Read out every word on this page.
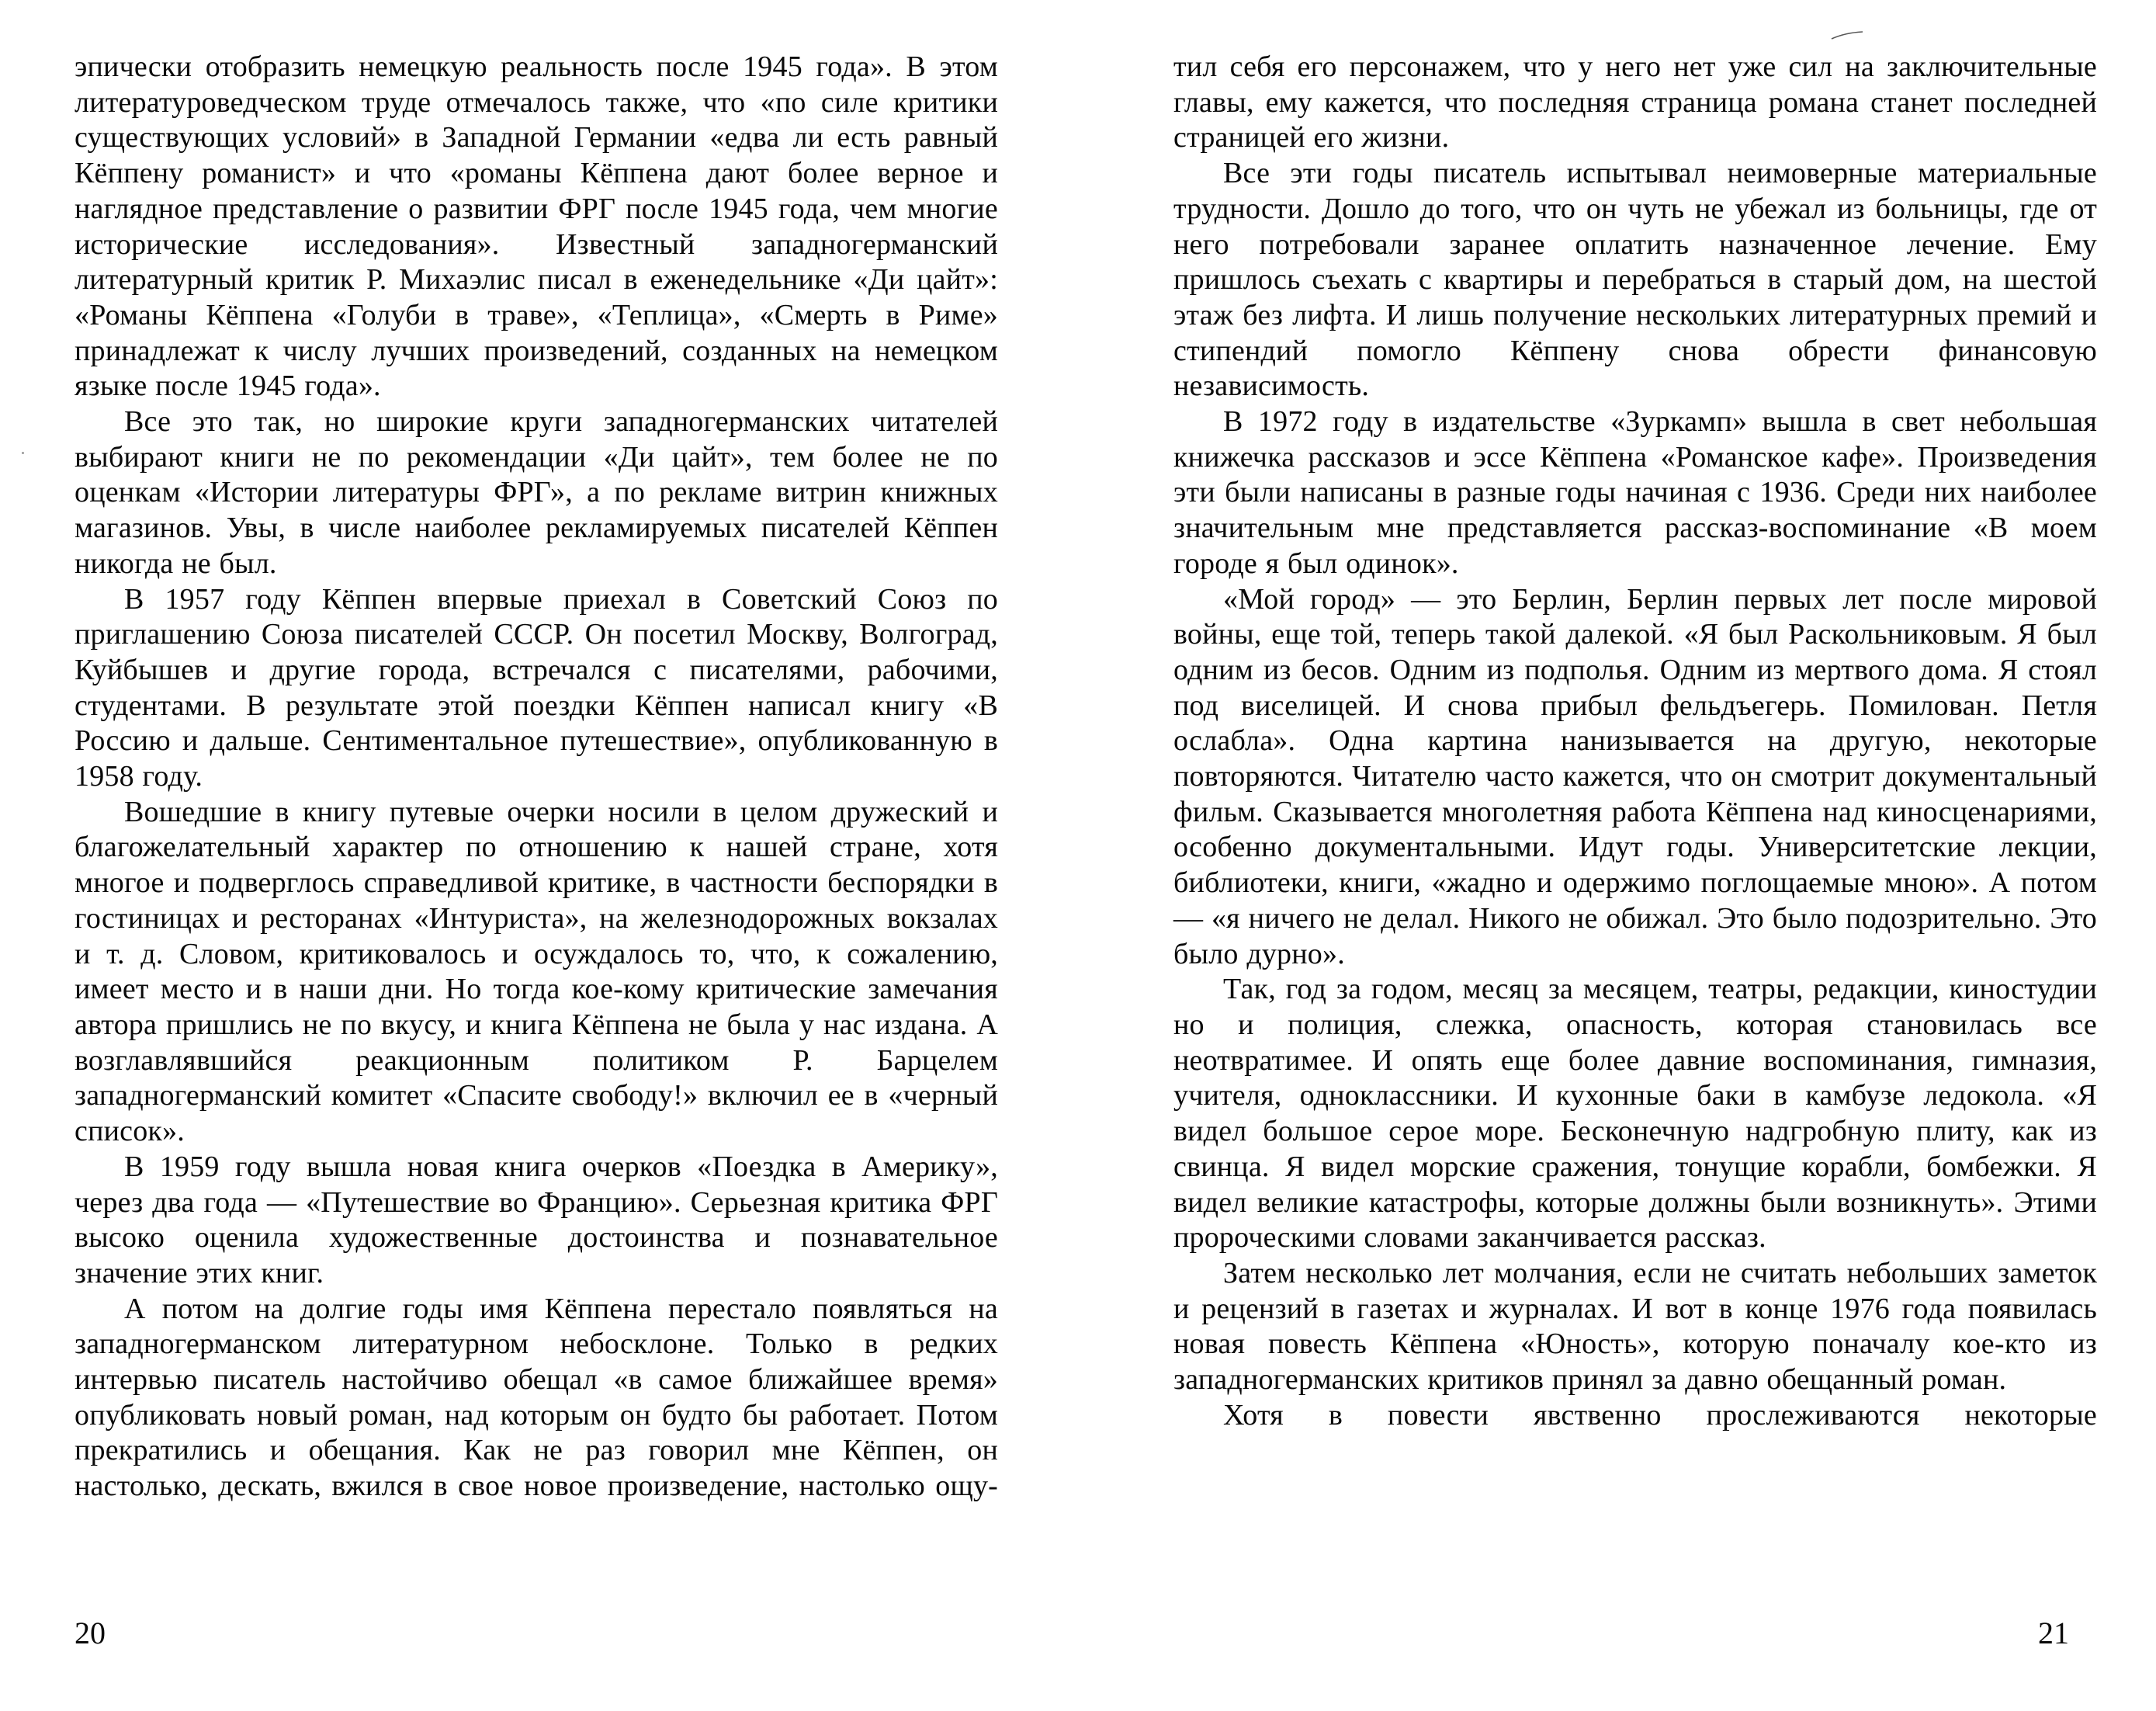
эпически отобразить немецкую реальность после 1945 года». В этом литературоведческом труде отмечалось также, что «по силе критики существующих условий» в Западной Германии «едва ли есть равный Кёппену романист» и что «романы Кёппена дают более верное и наглядное представление о развитии ФРГ после 1945 года, чем многие исторические исследования». Известный западногерманский литературный критик Р. Михаэлис писал в еженедельнике «Ди цайт»: «Романы Кёппена «Голуби в траве», «Теплица», «Смерть в Риме» принадлежат к числу лучших произведений, созданных на немецком языке после 1945 года».

Все это так, но широкие круги западногерманских читателей выбирают книги не по рекомендации «Ди цайт», тем более не по оценкам «Истории литературы ФРГ», а по рекламе витрин книжных магазинов. Увы, в числе наиболее рекламируемых писателей Кёппен никогда не был.

В 1957 году Кёппен впервые приехал в Советский Союз по приглашению Союза писателей СССР. Он посетил Москву, Волгоград, Куйбышев и другие города, встречался с писателями, рабочими, студентами. В результате этой поездки Кёппен написал книгу «В Россию и дальше. Сентиментальное путешествие», опубликованную в 1958 году.

Вошедшие в книгу путевые очерки носили в целом дружеский и благожелательный характер по отношению к нашей стране, хотя многое и подверглось справедливой критике, в частности беспорядки в гостиницах и ресторанах «Интуриста», на железнодорожных вокзалах и т. д. Словом, критиковалось и осуждалось то, что, к сожалению, имеет место и в наши дни. Но тогда кое-кому критические замечания автора пришлись не по вкусу, и книга Кёппена не была у нас издана. А возглавлявшийся реакционным политиком Р. Барцелем западногерманский комитет «Спасите свободу!» включил ее в «черный список».

В 1959 году вышла новая книга очерков «Поездка в Америку», через два года — «Путешествие во Францию». Серьезная критика ФРГ высоко оценила художественные достоинства и познавательное значение этих книг.

А потом на долгие годы имя Кёппена перестало появляться на западногерманском литературном небосклоне. Только в редких интервью писатель настойчиво обещал «в самое ближайшее время» опубликовать новый роман, над которым он будто бы работает. Потом прекратились и обещания. Как не раз говорил мне Кёппен, он настолько, дескать, вжился в свое новое произведение, настолько ощу-

тил себя его персонажем, что у него нет уже сил на заключительные главы, ему кажется, что последняя страница романа станет последней страницей его жизни.

Все эти годы писатель испытывал неимоверные материальные трудности. Дошло до того, что он чуть не убежал из больницы, где от него потребовали заранее оплатить назначенное лечение. Ему пришлось съехать с квартиры и перебраться в старый дом, на шестой этаж без лифта. И лишь получение нескольких литературных премий и стипендий помогло Кёппену снова обрести финансовую независимость.

В 1972 году в издательстве «Зуркамп» вышла в свет небольшая книжечка рассказов и эссе Кёппена «Романское кафе». Произведения эти были написаны в разные годы начиная с 1936. Среди них наиболее значительным мне представляется рассказ-воспоминание «В моем городе я был одинок».

«Мой город» — это Берлин, Берлин первых лет после мировой войны, еще той, теперь такой далекой. «Я был Раскольниковым. Я был одним из бесов. Одним из подполья. Одним из мертвого дома. Я стоял под виселицей. И снова прибыл фельдъегерь. Помилован. Петля ослабла». Одна картина нанизывается на другую, некоторые повторяются. Читателю часто кажется, что он смотрит документальный фильм. Сказывается многолетняя работа Кёппена над киносценариями, особенно документальными. Идут годы. Университетские лекции, библиотеки, книги, «жадно и одержимо поглощаемые мною». А потом — «я ничего не делал. Никого не обижал. Это было подозрительно. Это было дурно».

Так, год за годом, месяц за месяцем, театры, редакции, киностудии но и полиция, слежка, опасность, которая становилась все неотвратимее. И опять еще более давние воспоминания, гимназия, учителя, одноклассники. И кухонные баки в камбузе ледокола. «Я видел большое серое море. Бесконечную надгробную плиту, как из свинца. Я видел морские сражения, тонущие корабли, бомбежки. Я видел великие катастрофы, которые должны были возникнуть». Этими пророческими словами заканчивается рассказ.

Затем несколько лет молчания, если не считать небольших заметок и рецензий в газетах и журналах. И вот в конце 1976 года появилась новая повесть Кёппена «Юность», которую поначалу кое-кто из западногерманских критиков принял за давно обещанный роман.

Хотя в повести явственно прослеживаются некоторые

20	21
